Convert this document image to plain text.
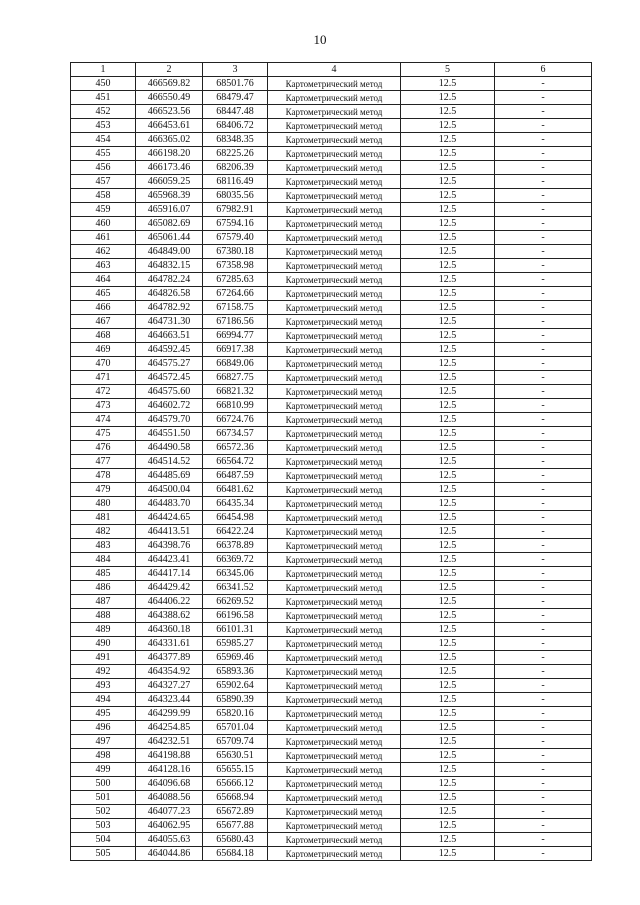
10
1	2	3	4	5	6
450	466569.82	68501.76	Картометрический метод	12.5	-
451	466550.49	68479.47	Картометрический метод	12.5	-
452	466523.56	68447.48	Картометрический метод	12.5	-
453	466453.61	68406.72	Картометрический метод	12.5	-
454	466365.02	68348.35	Картометрический метод	12.5	-
455	466198.20	68225.26	Картометрический метод	12.5	-
456	466173.46	68206.39	Картометрический метод	12.5	-
457	466059.25	68116.49	Картометрический метод	12.5	-
458	465968.39	68035.56	Картометрический метод	12.5	-
459	465916.07	67982.91	Картометрический метод	12.5	-
460	465082.69	67594.16	Картометрический метод	12.5	-
461	465061.44	67579.40	Картометрический метод	12.5	-
462	464849.00	67380.18	Картометрический метод	12.5	-
463	464832.15	67358.98	Картометрический метод	12.5	-
464	464782.24	67285.63	Картометрический метод	12.5	-
465	464826.58	67264.66	Картометрический метод	12.5	-
466	464782.92	67158.75	Картометрический метод	12.5	-
467	464731.30	67186.56	Картометрический метод	12.5	-
468	464663.51	66994.77	Картометрический метод	12.5	-
469	464592.45	66917.38	Картометрический метод	12.5	-
470	464575.27	66849.06	Картометрический метод	12.5	-
471	464572.45	66827.75	Картометрический метод	12.5	-
472	464575.60	66821.32	Картометрический метод	12.5	-
473	464602.72	66810.99	Картометрический метод	12.5	-
474	464579.70	66724.76	Картометрический метод	12.5	-
475	464551.50	66734.57	Картометрический метод	12.5	-
476	464490.58	66572.36	Картометрический метод	12.5	-
477	464514.52	66564.72	Картометрический метод	12.5	-
478	464485.69	66487.59	Картометрический метод	12.5	-
479	464500.04	66481.62	Картометрический метод	12.5	-
480	464483.70	66435.34	Картометрический метод	12.5	-
481	464424.65	66454.98	Картометрический метод	12.5	-
482	464413.51	66422.24	Картометрический метод	12.5	-
483	464398.76	66378.89	Картометрический метод	12.5	-
484	464423.41	66369.72	Картометрический метод	12.5	-
485	464417.14	66345.06	Картометрический метод	12.5	-
486	464429.42	66341.52	Картометрический метод	12.5	-
487	464406.22	66269.52	Картометрический метод	12.5	-
488	464388.62	66196.58	Картометрический метод	12.5	-
489	464360.18	66101.31	Картометрический метод	12.5	-
490	464331.61	65985.27	Картометрический метод	12.5	-
491	464377.89	65969.46	Картометрический метод	12.5	-
492	464354.92	65893.36	Картометрический метод	12.5	-
493	464327.27	65902.64	Картометрический метод	12.5	-
494	464323.44	65890.39	Картометрический метод	12.5	-
495	464299.99	65820.16	Картометрический метод	12.5	-
496	464254.85	65701.04	Картометрический метод	12.5	-
497	464232.51	65709.74	Картометрический метод	12.5	-
498	464198.88	65630.51	Картометрический метод	12.5	-
499	464128.16	65655.15	Картометрический метод	12.5	-
500	464096.68	65666.12	Картометрический метод	12.5	-
501	464088.56	65668.94	Картометрический метод	12.5	-
502	464077.23	65672.89	Картометрический метод	12.5	-
503	464062.95	65677.88	Картометрический метод	12.5	-
504	464055.63	65680.43	Картометрический метод	12.5	-
505	464044.86	65684.18	Картометрический метод	12.5	-
